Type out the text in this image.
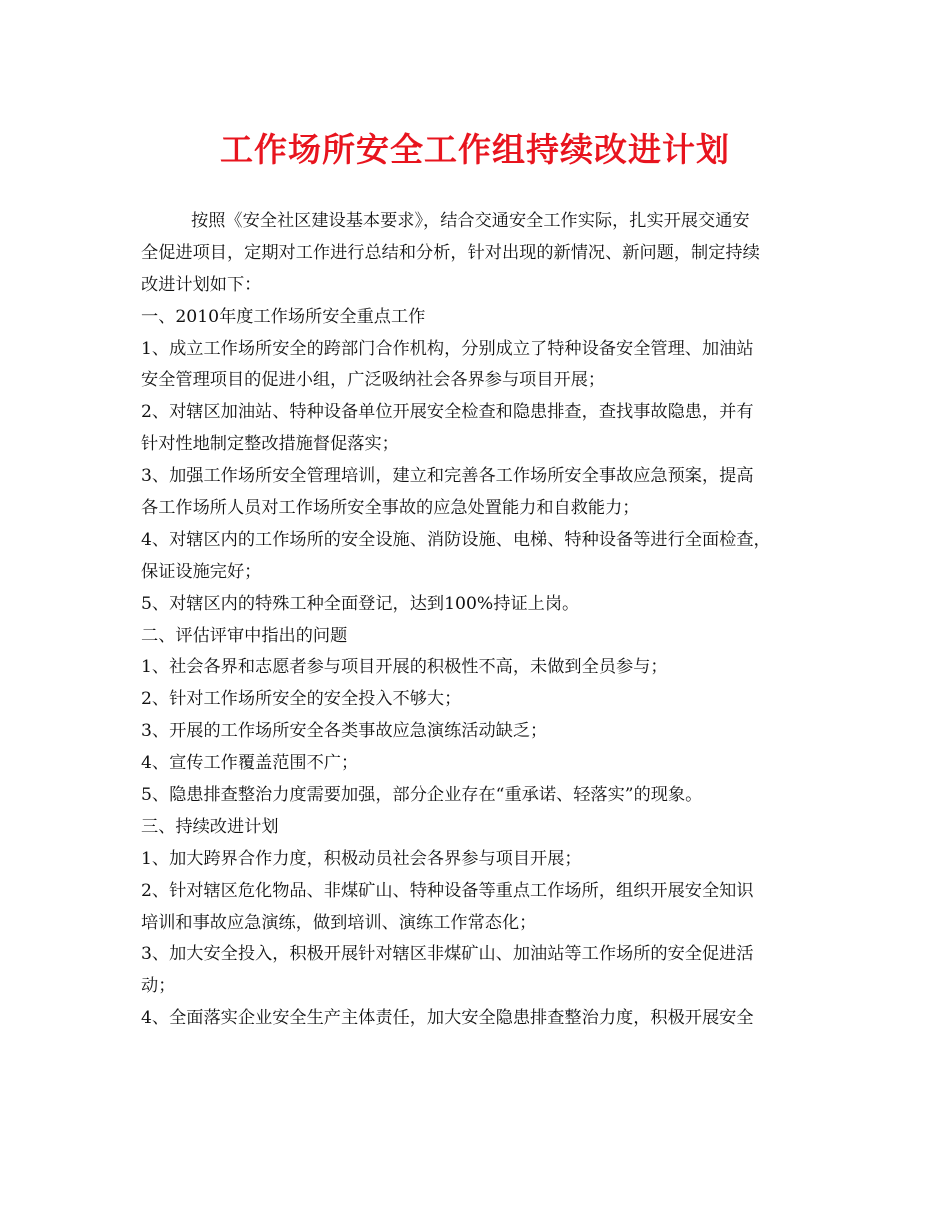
工作场所安全工作组持续改进计划
按照《安全社区建设基本要求》，结合交通安全工作实际，扎实开展交通安
全促进项目，定期对工作进行总结和分析，针对出现的新情况、新问题，制定持续
改进计划如下：
一、2010年度工作场所安全重点工作
1、成立工作场所安全的跨部门合作机构，分别成立了特种设备安全管理、加油站
安全管理项目的促进小组，广泛吸纳社会各界参与项目开展；
2、对辖区加油站、特种设备单位开展安全检查和隐患排查，查找事故隐患，并有
针对性地制定整改措施督促落实；
3、加强工作场所安全管理培训，建立和完善各工作场所安全事故应急预案，提高
各工作场所人员对工作场所安全事故的应急处置能力和自救能力；
4、对辖区内的工作场所的安全设施、消防设施、电梯、特种设备等进行全面检查，
保证设施完好；
5、对辖区内的特殊工种全面登记，达到100%持证上岗。
二、评估评审中指出的问题
1、社会各界和志愿者参与项目开展的积极性不高，未做到全员参与；
2、针对工作场所安全的安全投入不够大；
3、开展的工作场所安全各类事故应急演练活动缺乏；
4、宣传工作覆盖范围不广；
5、隐患排查整治力度需要加强，部分企业存在“重承诺、轻落实”的现象。
三、持续改进计划
1、加大跨界合作力度，积极动员社会各界参与项目开展；
2、针对辖区危化物品、非煤矿山、特种设备等重点工作场所，组织开展安全知识
培训和事故应急演练，做到培训、演练工作常态化；
3、加大安全投入，积极开展针对辖区非煤矿山、加油站等工作场所的安全促进活
动；
4、全面落实企业安全生产主体责任，加大安全隐患排查整治力度，积极开展安全
